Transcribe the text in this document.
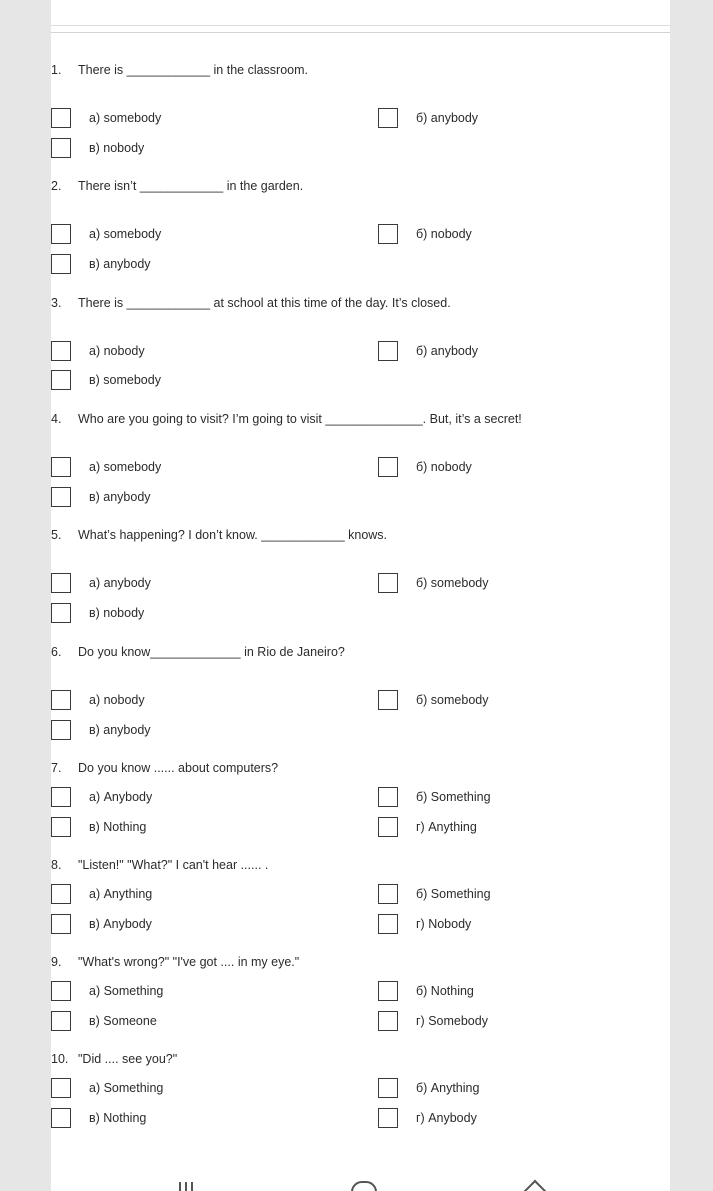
1. There is ____________ in the classroom.
а) somebody	б) anybody
в) nobody
2. There isn’t ____________ in the garden.
а) somebody	б) nobody
в) anybody
3. There is ____________ at school at this time of the day. It’s closed.
а) nobody	б) anybody
в) somebody
4. Who are you going to visit? I’m going to visit ______________. But, it’s a secret!
а) somebody	б) nobody
в) anybody
5. What’s happening? I don’t know. ____________ knows.
а) anybody	б) somebody
в) nobody
6. Do you know_____________ in Rio de Janeiro?
а) nobody	б) somebody
в) anybody
7. Do you know ...... about computers?
а) Anybody	б) Something
в) Nothing	г) Anything
8. "Listen!" "What?" I can't hear ...... .
а) Anything	б) Something
в) Anybody	г) Nobody
9. "What's wrong?" "I've got .... in my eye."
а) Something	б) Nothing
в) Someone	г) Somebody
10. "Did .... see you?"
а) Something	б) Anything
в) Nothing	г) Anybody
